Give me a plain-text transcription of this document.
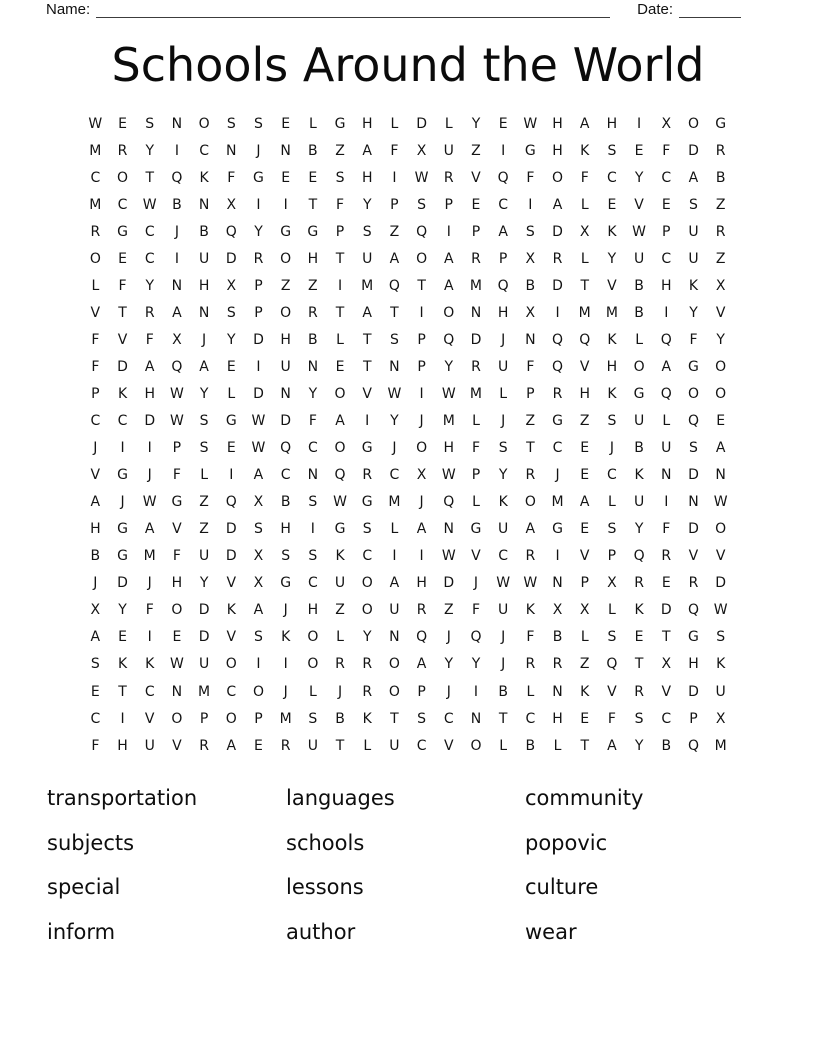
Name:	Date:
Schools Around the World
W	E	S	N	O	S	S	E	L	G	H	L	D	L	Y	E	W	H	A	H	I	X	O	G
M	R	Y	I	C	N	J	N	B	Z	A	F	X	U	Z	I	G	H	K	S	E	F	D	R
C	O	T	Q	K	F	G	E	E	S	H	I	W	R	V	Q	F	O	F	C	Y	C	A	B
M	C	W	B	N	X	I	I	T	F	Y	P	S	P	E	C	I	A	L	E	V	E	S	Z
R	G	C	J	B	Q	Y	G	G	P	S	Z	Q	I	P	A	S	D	X	K	W	P	U	R
O	E	C	I	U	D	R	O	H	T	U	A	O	A	R	P	X	R	L	Y	U	C	U	Z
L	F	Y	N	H	X	P	Z	Z	I	M	Q	T	A	M	Q	B	D	T	V	B	H	K	X
V	T	R	A	N	S	P	O	R	T	A	T	I	O	N	H	X	I	M	M	B	I	Y	V
F	V	F	X	J	Y	D	H	B	L	T	S	P	Q	D	J	N	Q	Q	K	L	Q	F	Y
F	D	A	Q	A	E	I	U	N	E	T	N	P	Y	R	U	F	Q	V	H	O	A	G	O
P	K	H	W	Y	L	D	N	Y	O	V	W	I	W	M	L	P	R	H	K	G	Q	O	O
C	C	D	W	S	G	W	D	F	A	I	Y	J	M	L	J	Z	G	Z	S	U	L	Q	E
J	I	I	P	S	E	W	Q	C	O	G	J	O	H	F	S	T	C	E	J	B	U	S	A
V	G	J	F	L	I	A	C	N	Q	R	C	X	W	P	Y	R	J	E	C	K	N	D	N
A	J	W	G	Z	Q	X	B	S	W	G	M	J	Q	L	K	O	M	A	L	U	I	N	W
H	G	A	V	Z	D	S	H	I	G	S	L	A	N	G	U	A	G	E	S	Y	F	D	O
B	G	M	F	U	D	X	S	S	K	C	I	I	W	V	C	R	I	V	P	Q	R	V	V
J	D	J	H	Y	V	X	G	C	U	O	A	H	D	J	W W	N	P	X	R	E	R	D
X	Y	F	O	D	K	A	J	H	Z	O	U	R	Z	F	U	K	X	X	L	K	D	Q	W
A	E	I	E	D	V	S	K	O	L	Y	N	Q	J	Q	J	F	B	L	S	E	T	G	S
S	K	K	W	U	O	I	I	O	R	R	O	A	Y	Y	J	R	R	Z	Q	T	X	H	K
E	T	C	N	M	C	O	J	L	J	R	O	P	J	I	B	L	N	K	V	R	V	D	U
C	I	V	O	P	O	P	M	S	B	K	T	S	C	N	T	C	H	E	F	S	C	P	X
F	H	U	V	R	A	E	R	U	T	L	U	C	V	O	L	B	L	T	A	Y	B	Q	M
transportation
subjects
special
inform
languages
schools
lessons
author
community
popovic
culture
wear
